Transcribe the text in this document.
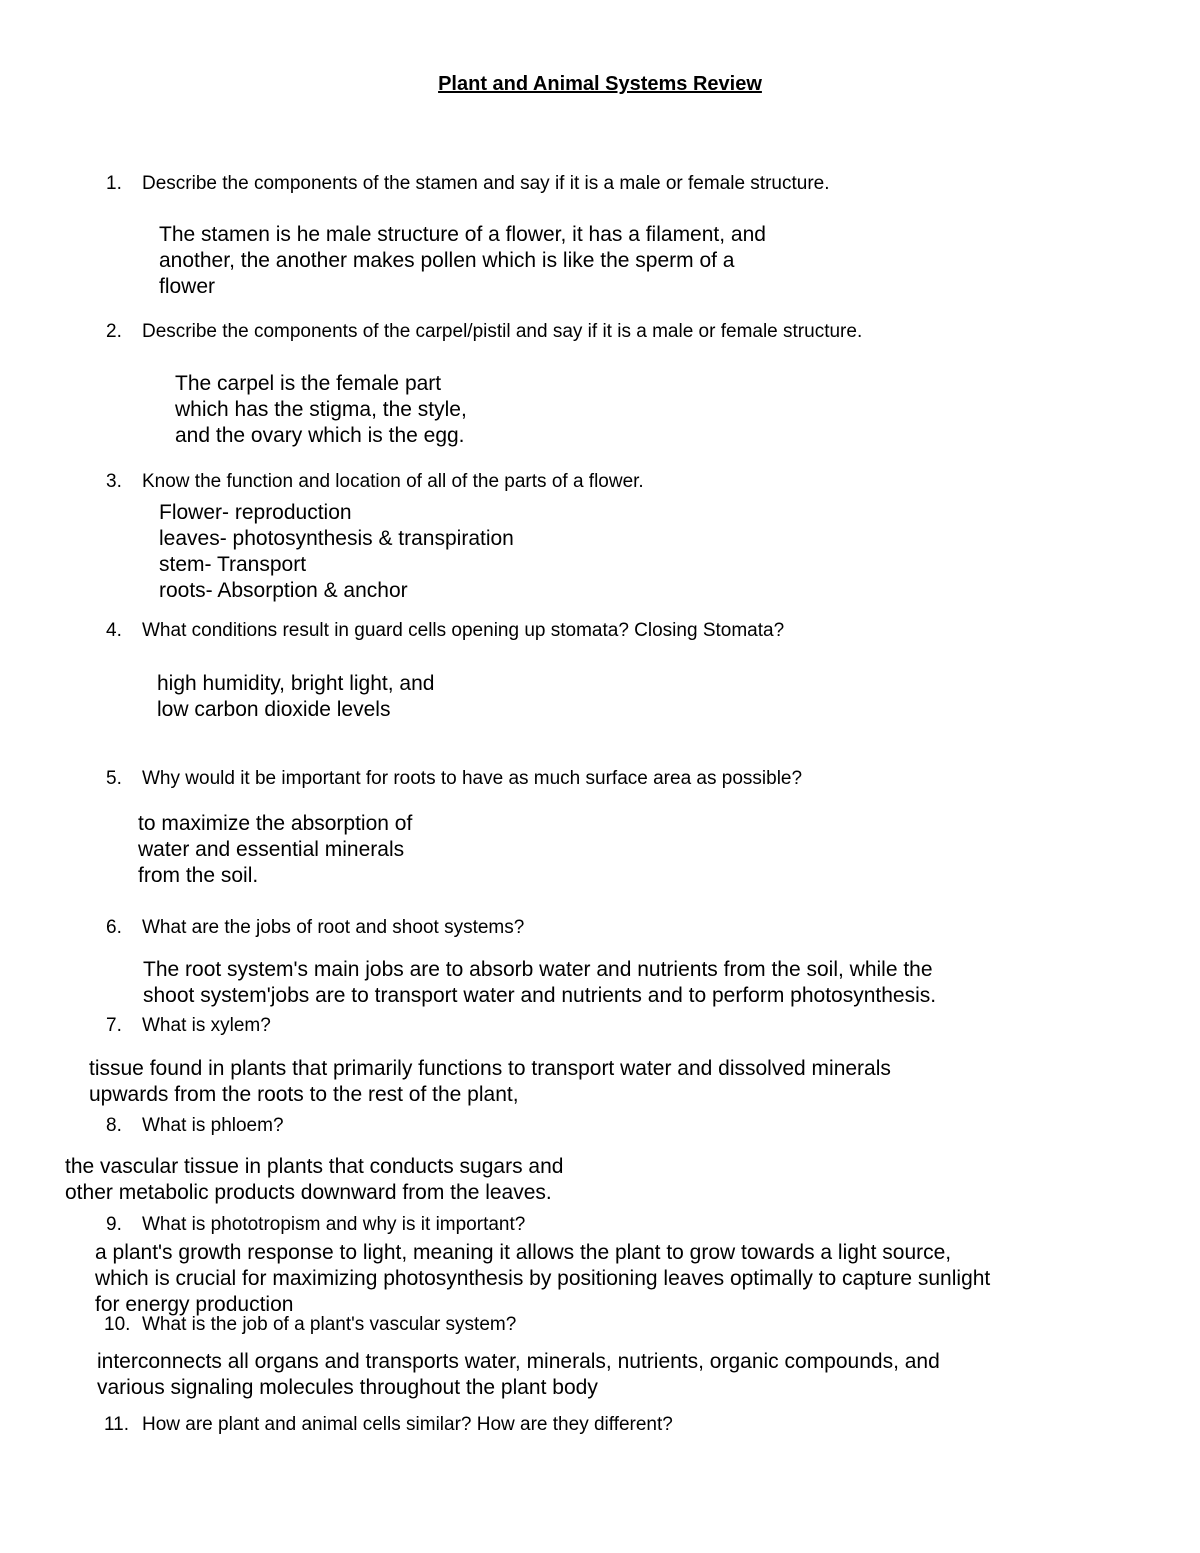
Plant and Animal Systems Review
1. Describe the components of the stamen and say if it is a male or female structure.
The stamen is he male structure of a flower, it has a filament, and
another, the another makes pollen which is like the sperm of a
flower
2. Describe the components of the carpel/pistil and say if it is a male or female structure.
The carpel is the female part
which has the stigma, the style,
and the ovary which is the egg.
3. Know the function and location of all of the parts of a flower.
Flower- reproduction
leaves- photosynthesis & transpiration
stem- Transport
roots- Absorption & anchor
4. What conditions result in guard cells opening up stomata? Closing Stomata?
high humidity, bright light, and
low carbon dioxide levels
5. Why would it be important for roots to have as much surface area as possible?
to maximize the absorption of
water and essential minerals
from the soil.
6. What are the jobs of root and shoot systems?
The root system's main jobs are to absorb water and nutrients from the soil, while the
shoot system'jobs are to transport water and nutrients and to perform photosynthesis.
7. What is xylem?
tissue found in plants that primarily functions to transport water and dissolved minerals
upwards from the roots to the rest of the plant,
8. What is phloem?
the vascular tissue in plants that conducts sugars and
other metabolic products downward from the leaves.
9. What is phototropism and why is it important?
a plant's growth response to light, meaning it allows the plant to grow towards a light source,
which is crucial for maximizing photosynthesis by positioning leaves optimally to capture sunlight
for energy production
10. What is the job of a plant's vascular system?
interconnects all organs and transports water, minerals, nutrients, organic compounds, and
various signaling molecules throughout the plant body
11. How are plant and animal cells similar? How are they different?
